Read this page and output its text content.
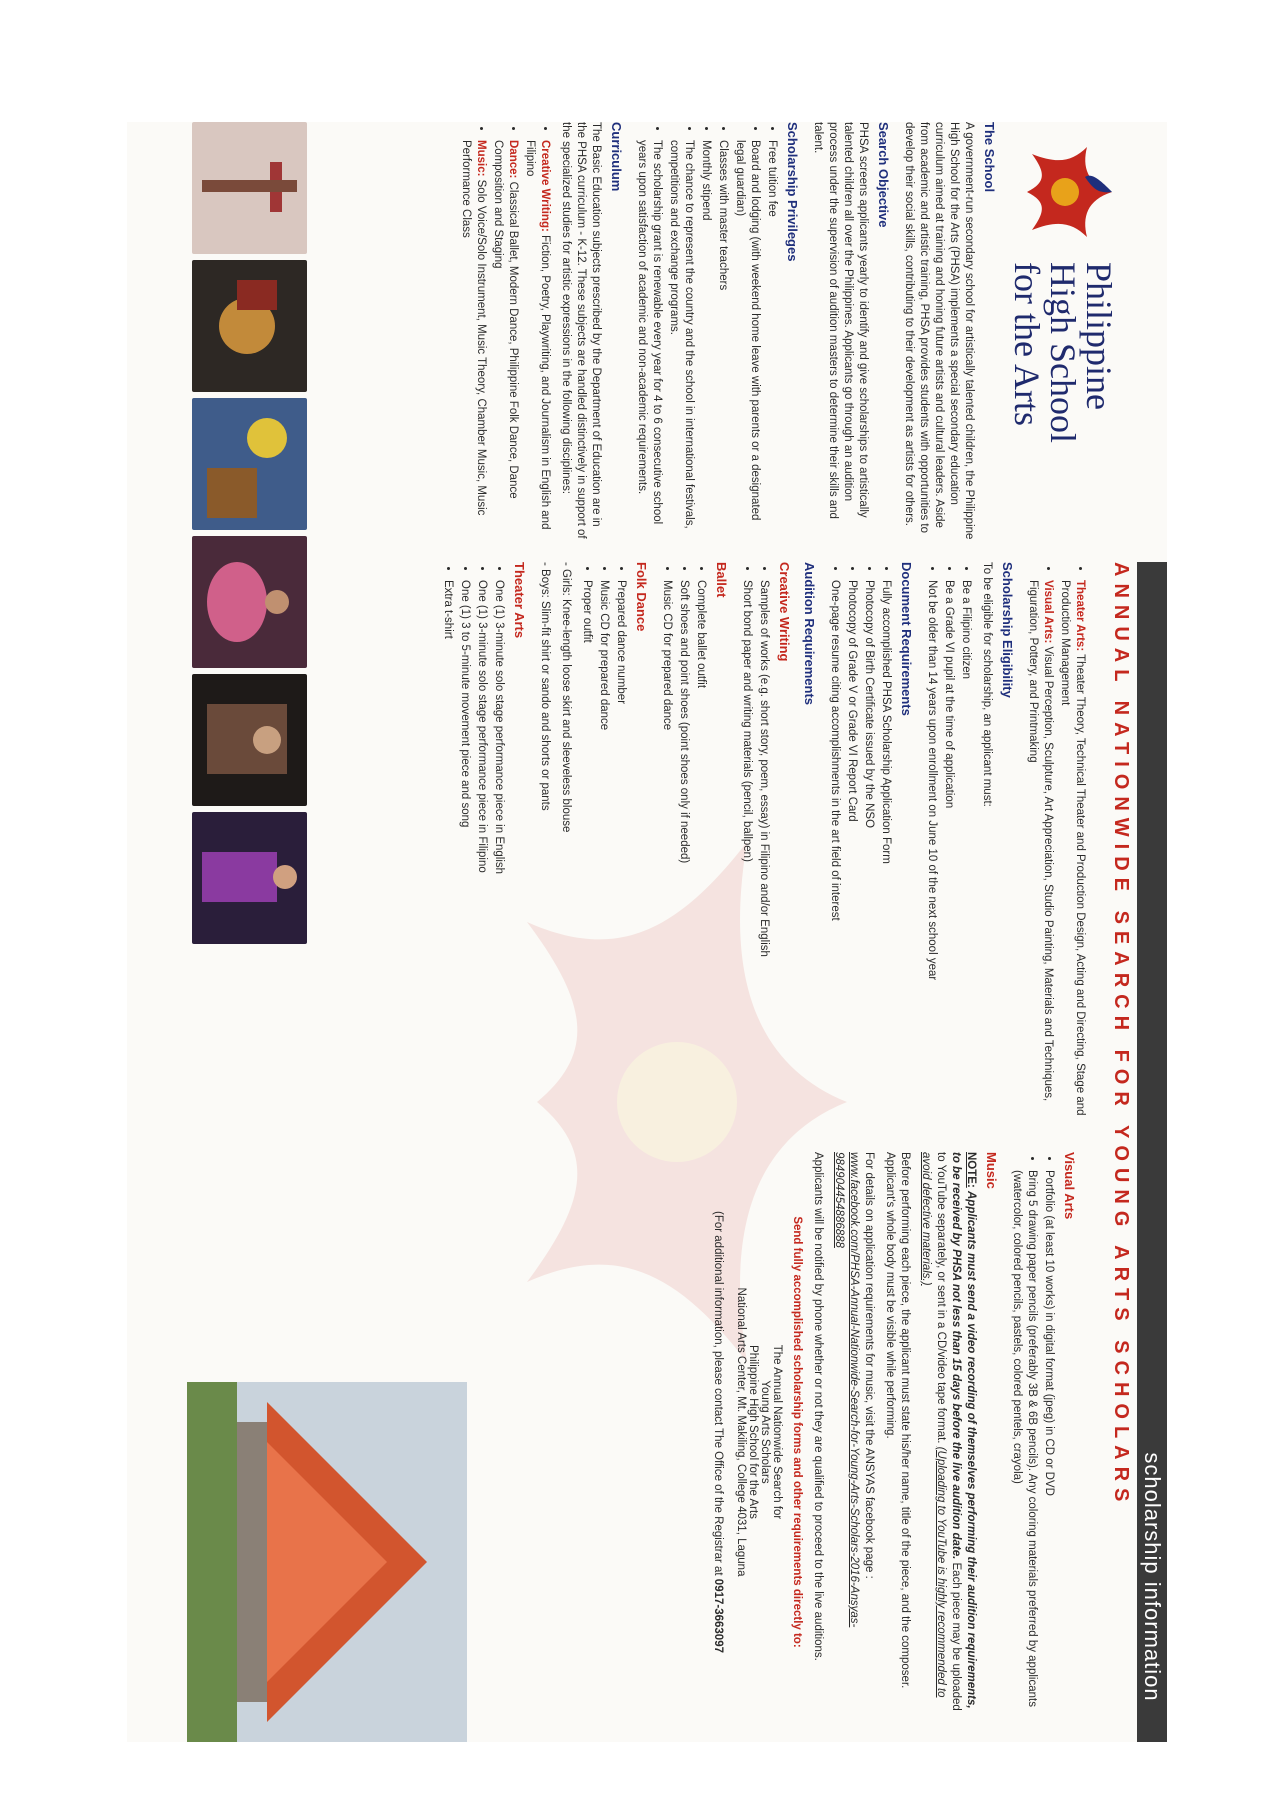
Philippine
High School
for the Arts
The School

A government-run secondary school for artistically talented children, the Philippine High School for the Arts (PHSA) implements a special secondary education curriculum aimed at training and honing future artists and cultural leaders. Aside from academic and artistic training, PHSA provides students with opportunities to develop their social skills, contributing to their development as artists for others.

Search Objective

PHSA screens applicants yearly to identify and give scholarships to artistically talented children all over the Philippines. Applicants go through an audition process under the supervision of audition masters to determine their skills and talent.

Scholarship Privileges
• Free tuition fee
• Board and lodging (with weekend home leave with parents or a designated legal guardian)
• Classes with master teachers
• Monthly stipend
• The chance to represent the country and the school in international festivals, competitions and exchange programs.
• The scholarship grant is renewable every year for 4 to 6 consecutive school years upon satisfaction of academic and non-academic requirements.
Curriculum

The Basic Education subjects prescribed by the Department of Education are in the PHSA curriculum - K-12. These subjects are handled distinctively in support of the specialized studies for artistic expressions in the following disciplines:

• Creative Writing: Fiction, Poetry, Playwriting, and Journalism in English and Filipino
• Dance: Classical Ballet, Modern Dance, Philippine Folk Dance, Dance Composition and Staging
• Music: Solo Voice/Solo Instrument, Music Theory, Chamber Music, Music Performance Class
scholarship information
ANNUAL NATIONWIDE SEARCH FOR YOUNG ARTS SCHOLARS
• Theater Arts: Theater Theory, Technical Theater and Production Design, Acting and Directing, Stage and Production Management
• Visual Arts: Visual Perception, Sculpture, Art Appreciation, Studio Painting, Materials and Techniques, Figuration, Pottery, and Printmaking
Scholarship Eligibility

To be eligible for scholarship, an applicant must:

• Be a Filipino citizen
• Be a Grade VI pupil at the time of application
• Not be older than 14 years upon enrollment on June 10 of the next school year
Document Requirements
• Fully accomplished PHSA Scholarship Application Form
• Photocopy of Birth Certificate issued by the NSO
• Photocopy of Grade V or Grade VI Report Card
• One-page resume citing accomplishments in the art field of interest
Audition Requirements
Creative Writing
• Samples of works (e.g. short story, poem, essay) in Filipino and/or English
• Short bond paper and writing materials (pencil, ballpen)
Ballet
• Complete ballet outfit
• Soft shoes and point shoes (point shoes only if needed)
• Music CD for prepared dance
Folk Dance
• Prepared dance number
• Music CD for prepared dance
• Proper outfit

- Girls: Knee-length loose skirt and sleeveless blouse

- Boys: Slim-fit shirt or sando and shorts or pants

Theater Arts
• One (1) 3-minute solo stage performance piece in English
• One (1) 3-minute solo stage performance piece in Filipino
• One (1) 3 to 5-minute movement piece and song
• Extra t-shirt
Visual Arts
• Portfolio (at least 10 works) in digital format (jpeg) in CD or DVD
• Bring 5 drawing paper pencils (preferably 3B & 6B pencils). Any coloring materials preferred by applicants (watercolor, colored pencils, pastels, colored pentels, crayola)
Music

NOTE: Applicants must send a video recording of themselves performing their audition requirements, to be received by PHSA not less than 15 days before the live audition date. Each piece may be uploaded to YouTube separately, or sent in a CD/video tape format. (Uploading to YouTube is highly recommended to avoid defective materials.)

Before performing each piece, the applicant must state his/her name, title of the piece, and the composer. Applicant's whole body must be visible while performing.

For details on application requirements for music, visit the ANSYAS facebook page : www.facebook.com/PHSA-Annual-Nationwide-Search-for-Young-Arts-Scholars-2016-Ansyas-984904454886888

Applicants will be notified by phone whether or not they are qualified to proceed to the live auditions.

Send fully accomplished scholarship forms and other requirements directly to:

The Annual Nationwide Search for
Young Arts Scholars
Philippine High School for the Arts
National Arts Center, Mt. Makiling, College 4031, Laguna

(For additional information, please contact The Office of the Registrar at 0917-3663097
